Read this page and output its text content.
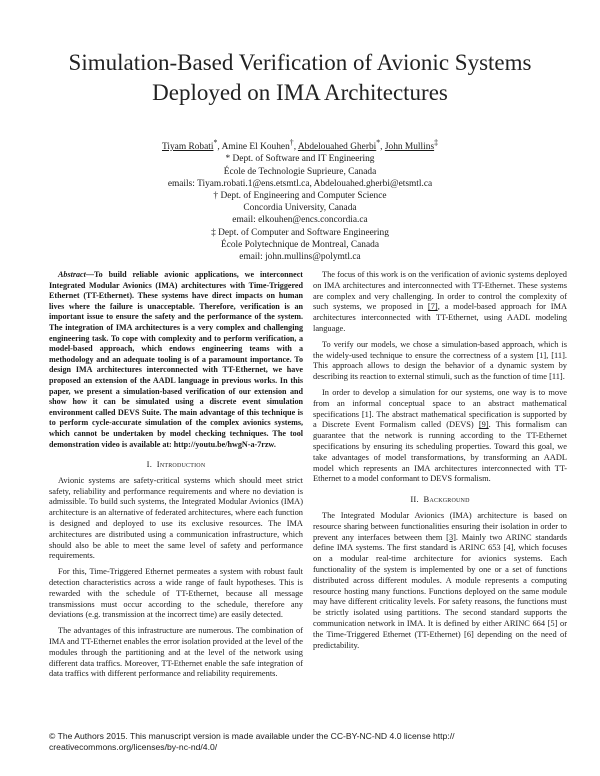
Simulation-Based Verification of Avionic Systems
Deployed on IMA Architectures
Tiyam Robati*, Amine El Kouhen†, Abdelouahed Gherbi*, John Mullins‡
* Dept. of Software and IT Engineering
École de Technologie Suprieure, Canada
emails: Tiyam.robati.1@ens.etsmtl.ca, Abdelouahed.gherbi@etsmtl.ca
† Dept. of Engineering and Computer Science
Concordia University, Canada
email: elkouhen@encs.concordia.ca
‡ Dept. of Computer and Software Engineering
École Polytechnique de Montreal, Canada
email: john.mullins@polymtl.ca

Abstract—To build reliable avionic applications, we interconnect Integrated Modular Avionics (IMA) architectures with Time-Triggered Ethernet (TT-Ethernet). These systems have direct impacts on human lives where the failure is unacceptable. Therefore, verification is an important issue to ensure the safety and the performance of the system. The integration of IMA architectures is a very complex and challenging engineering task. To cope with complexity and to perform verification, a model-based approach, which endows engineering teams with a methodology and an adequate tooling is of a paramount importance. To design IMA architectures interconnected with TT-Ethernet, we have proposed an extension of the AADL language in previous works. In this paper, we present a simulation-based verification of our extension and show how it can be simulated using a discrete event simulation environment called DEVS Suite. The main advantage of this technique is to perform cycle-accurate simulation of the complex avionics systems, which cannot be undertaken by model checking techniques. The tool demonstration video is available at: http://youtu.be/hwgN-a-7rzw.

I. Introduction

Avionic systems are safety-critical systems which should meet strict safety, reliability and performance requirements and where no deviation is admissible. To build such systems, the Integrated Modular Avionics (IMA) architecture is an alternative of federated architectures, where each function is designed and deployed to use its exclusive resources. The IMA architectures are distributed using a communication infrastructure, which should also be able to meet the same level of safety and performance requirements.

For this, Time-Triggered Ethernet permeates a system with robust fault detection characteristics across a wide range of fault hypotheses. This is rewarded with the schedule of TT-Ethernet, because all message transmissions must occur according to the schedule, therefore any deviations (e.g. transmission at the incorrect time) are easily detected.

The advantages of this infrastructure are numerous. The combination of IMA and TT-Ethernet enables the error isolation provided at the level of the modules through the partitioning and at the level of the network using different data traffics. Moreover, TT-Ethernet enable the safe integration of data traffics with different performance and reliability requirements.

The focus of this work is on the verification of avionic systems deployed on IMA architectures and interconnected with TT-Ethernet. These systems are complex and very challenging. In order to control the complexity of such systems, we proposed in [7], a model-based approach for IMA architectures interconnected with TT-Ethernet, using AADL modeling language.

To verify our models, we chose a simulation-based approach, which is the widely-used technique to ensure the correctness of a system [1], [11]. This approach allows to design the behavior of a dynamic system by describing its reaction to external stimuli, such as the function of time [11].

In order to develop a simulation for our systems, one way is to move from an informal conceptual space to an abstract mathematical specifications [1]. The abstract mathematical specification is supported by a Discrete Event Formalism called (DEVS) [9]. This formalism can guarantee that the network is running according to the TT-Ethernet specifications by ensuring its scheduling properties. Toward this goal, we take advantages of model transformations, by transforming an AADL model which represents an IMA architectures interconnected with TT-Ethernet to a model conformant to DEVS formalism.

II. Background

The Integrated Modular Avionics (IMA) architecture is based on resource sharing between functionalities ensuring their isolation in order to prevent any interfaces between them [3]. Mainly two ARINC standards define IMA systems. The first standard is ARINC 653 [4], which focuses on a modular real-time architecture for avionics systems. Each functionality of the system is implemented by one or a set of functions distributed across different modules. A module represents a computing resource hosting many functions. Functions deployed on the same module may have different criticality levels. For safety reasons, the functions must be strictly isolated using partitions. The second standard supports the communication network in IMA. It is defined by either ARINC 664 [5] or the Time-Triggered Ethernet (TT-Ethernet) [6] depending on the need of predictability.

© The Authors 2015. This manuscript version is made available under the CC-BY-NC-ND 4.0 license http://
creativecommons.org/licenses/by-nc-nd/4.0/
